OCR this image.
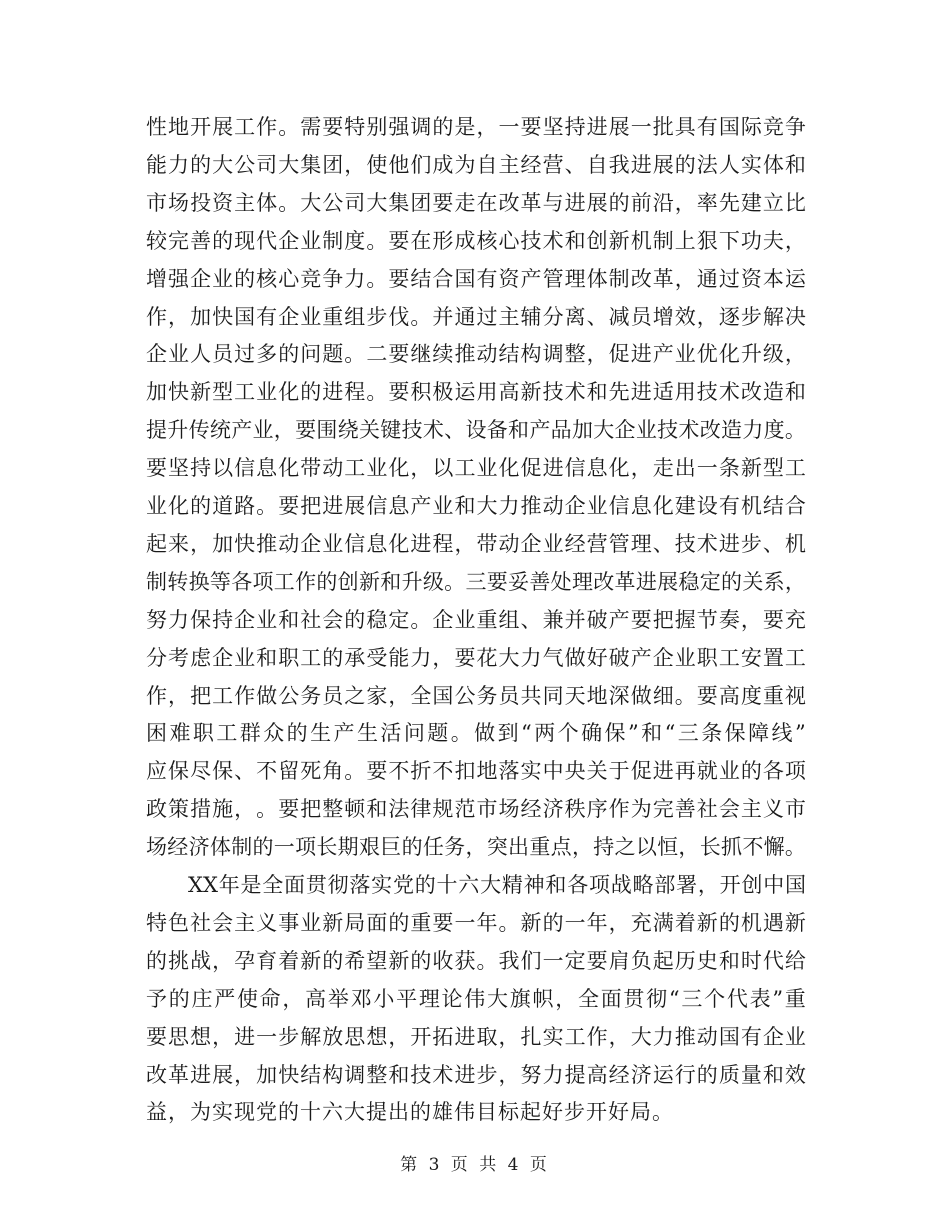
性 地 开 展 工 作 。 需 要 特 别 强 调 的 是 ， 一 要 坚 持 进 展 一 批 具 有 国 际 竞 争
能 力 的 大 公 司 大 集 团 ， 使 他 们 成 为 自 主 经 营 、 自 我 进 展 的 法 人 实 体 和
市 场 投 资 主 体 。 大 公 司 大 集 团 要 走 在 改 革 与 进 展 的 前 沿 ， 率 先 建 立 比
较 完 善 的 现 代 企 业 制 度 。 要 在 形 成 核 心 技 术 和 创 新 机 制 上 狠 下 功 夫 ，
增 强 企 业 的 核 心 竞 争 力 。 要 结 合 国 有 资 产 管 理 体 制 改 革 ， 通 过 资 本 运
作 ， 加 快 国 有 企 业 重 组 步 伐 。 并 通 过 主 辅 分 离 、 减 员 增 效 ， 逐 步 解 决
企 业 人 员 过 多 的 问 题 。 二 要 继 续 推 动 结 构 调 整 ， 促 进 产 业 优 化 升 级 ，
加 快 新 型 工 业 化 的 进 程 。 要 积 极 运 用 高 新 技 术 和 先 进 适 用 技 术 改 造 和
提 升 传 统 产 业 ， 要 围 绕 关 键 技 术 、 设 备 和 产 品 加 大 企 业 技 术 改 造 力 度 。
要 坚 持 以 信 息 化 带 动 工 业 化 ， 以 工 业 化 促 进 信 息 化 ， 走 出 一 条 新 型 工
业 化 的 道 路 。 要 把 进 展 信 息 产 业 和 大 力 推 动 企 业 信 息 化 建 设 有 机 结 合
起 来 ， 加 快 推 动 企 业 信 息 化 进 程 ， 带 动 企 业 经 营 管 理 、 技 术 进 步 、 机
制 转 换 等 各 项 工 作 的 创 新 和 升 级 。 三 要 妥 善 处 理 改 革 进 展 稳 定 的 关 系 ，
努 力 保 持 企 业 和 社 会 的 稳 定 。 企 业 重 组 、 兼 并 破 产 要 把 握 节 奏 ， 要 充
分 考 虑 企 业 和 职 工 的 承 受 能 力 ， 要 花 大 力 气 做 好 破 产 企 业 职 工 安 置 工
作 ， 把 工 作 做 公 务 员 之 家 ， 全 国 公 务 员 共 同 天 地 深 做 细 。 要 高 度 重 视
困 难 职 工 群 众 的 生 产 生 活 问 题 。 做 到 “ 两 个 确 保 ” 和 “ 三 条 保 障 线 ”
应 保 尽 保 、 不 留 死 角 。 要 不 折 不 扣 地 落 实 中 央 关 于 促 进 再 就 业 的 各 项
政 策 措 施 ， 。 要 把 整 顿 和 法 律 规 范 市 场 经 济 秩 序 作 为 完 善 社 会 主 义 市
场 经 济 体 制 的 一 项 长 期 艰 巨 的 任 务 ， 突 出 重 点 ， 持 之 以 恒 ， 长 抓 不 懈 。
XX 年 是 全 面 贯 彻 落 实 党 的 十 六 大 精 神 和 各 项 战 略 部 署 ， 开 创 中 国
特 色 社 会 主 义 事 业 新 局 面 的 重 要 一 年 。 新 的 一 年 ， 充 满 着 新 的 机 遇 新
的 挑 战 ， 孕 育 着 新 的 希 望 新 的 收 获 。 我 们 一 定 要 肩 负 起 历 史 和 时 代 给
予 的 庄 严 使 命 ， 高 举 邓 小 平 理 论 伟 大 旗 帜 ， 全 面 贯 彻 “ 三 个 代 表 ” 重
要 思 想 ， 进 一 步 解 放 思 想 ， 开 拓 进 取 ， 扎 实 工 作 ， 大 力 推 动 国 有 企 业
改 革 进 展 ， 加 快 结 构 调 整 和 技 术 进 步 ， 努 力 提 高 经 济 运 行 的 质 量 和 效
益，为实现党的十六大提出的雄伟目标起好步开好局。
第 3 页 共 4 页
